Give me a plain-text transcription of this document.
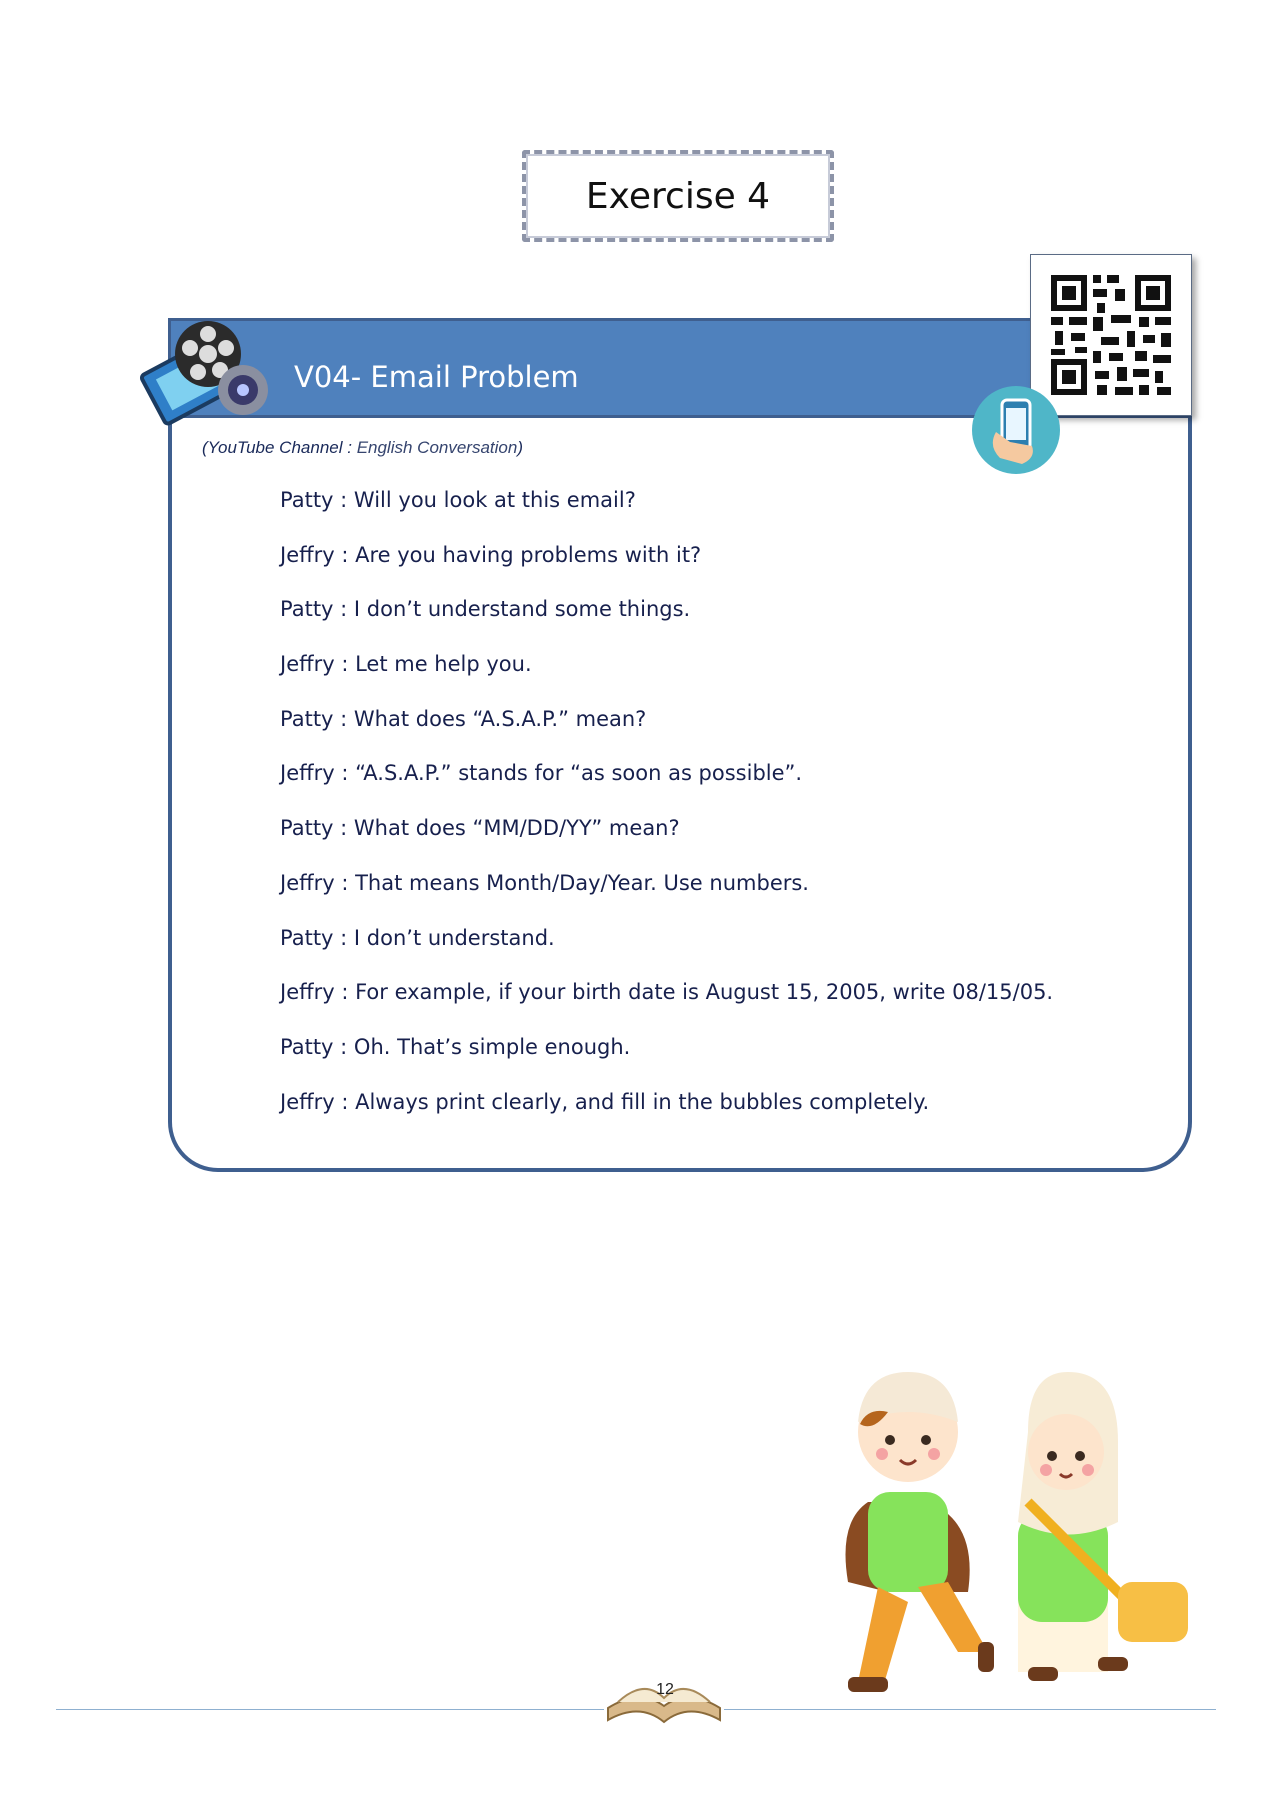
Exercise 4
V04- Email Problem
(YouTube Channel : English Conversation)
Patty : Will you look at this email?
Jeffry : Are you having problems with it?
Patty : I don’t understand some things.
Jeffry : Let me help you.
Patty : What does “A.S.A.P.” mean?
Jeffry : “A.S.A.P.” stands for “as soon as possible”.
Patty : What does “MM/DD/YY” mean?
Jeffry : That means Month/Day/Year. Use numbers.
Patty : I don’t understand.
Jeffry : For example, if your birth date is August 15, 2005, write 08/15/05.
Patty : Oh. That’s simple enough.
Jeffry : Always print clearly, and fill in the bubbles completely.
12
